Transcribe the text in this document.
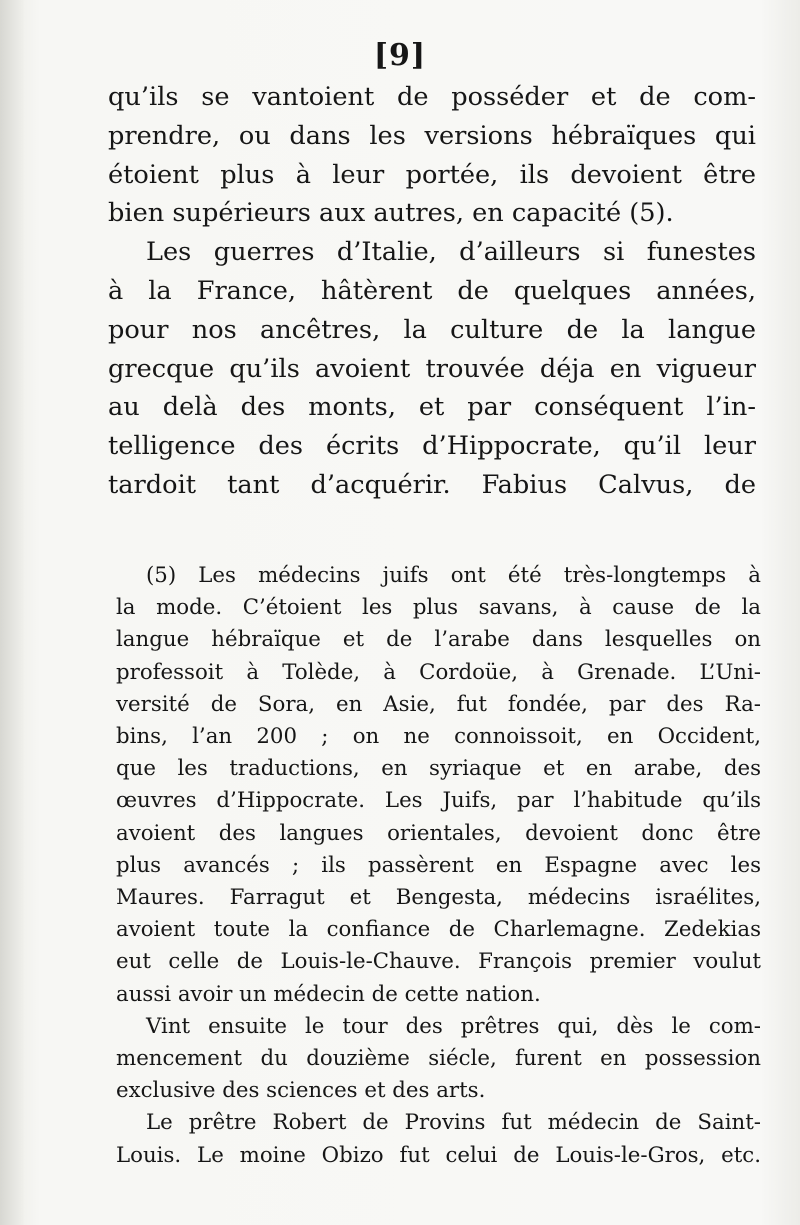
[9]
qu’ils se vantoient de posséder et de com-
prendre, ou dans les versions hébraïques qui
étoient plus à leur portée, ils devoient être
bien supérieurs aux autres, en capacité (5).
Les guerres d’Italie, d’ailleurs si funestes
à la France, hâtèrent de quelques années,
pour nos ancêtres, la culture de la langue
grecque qu’ils avoient trouvée déja en vigueur
au delà des monts, et par conséquent l’in-
telligence des écrits d’Hippocrate, qu’il leur
tardoit tant d’acquérir. Fabius Calvus, de
(5) Les médecins juifs ont été très-longtemps à
la mode. C’étoient les plus savans, à cause de la
langue hébraïque et de l’arabe dans lesquelles on
professoit à Tolède, à Cordoüe, à Grenade. L’Uni-
versité de Sora, en Asie, fut fondée, par des Ra-
bins, l’an 200 ; on ne connoissoit, en Occident,
que les traductions, en syriaque et en arabe, des
œuvres d’Hippocrate. Les Juifs, par l’habitude qu’ils
avoient des langues orientales, devoient donc être
plus avancés ; ils passèrent en Espagne avec les
Maures. Farragut et Bengesta, médecins israélites,
avoient toute la confiance de Charlemagne. Zedekias
eut celle de Louis-le-Chauve. François premier voulut
aussi avoir un médecin de cette nation.
Vint ensuite le tour des prêtres qui, dès le com-
mencement du douzième siécle, furent en possession
exclusive des sciences et des arts.
Le prêtre Robert de Provins fut médecin de Saint-
Louis. Le moine Obizo fut celui de Louis-le-Gros, etc.
